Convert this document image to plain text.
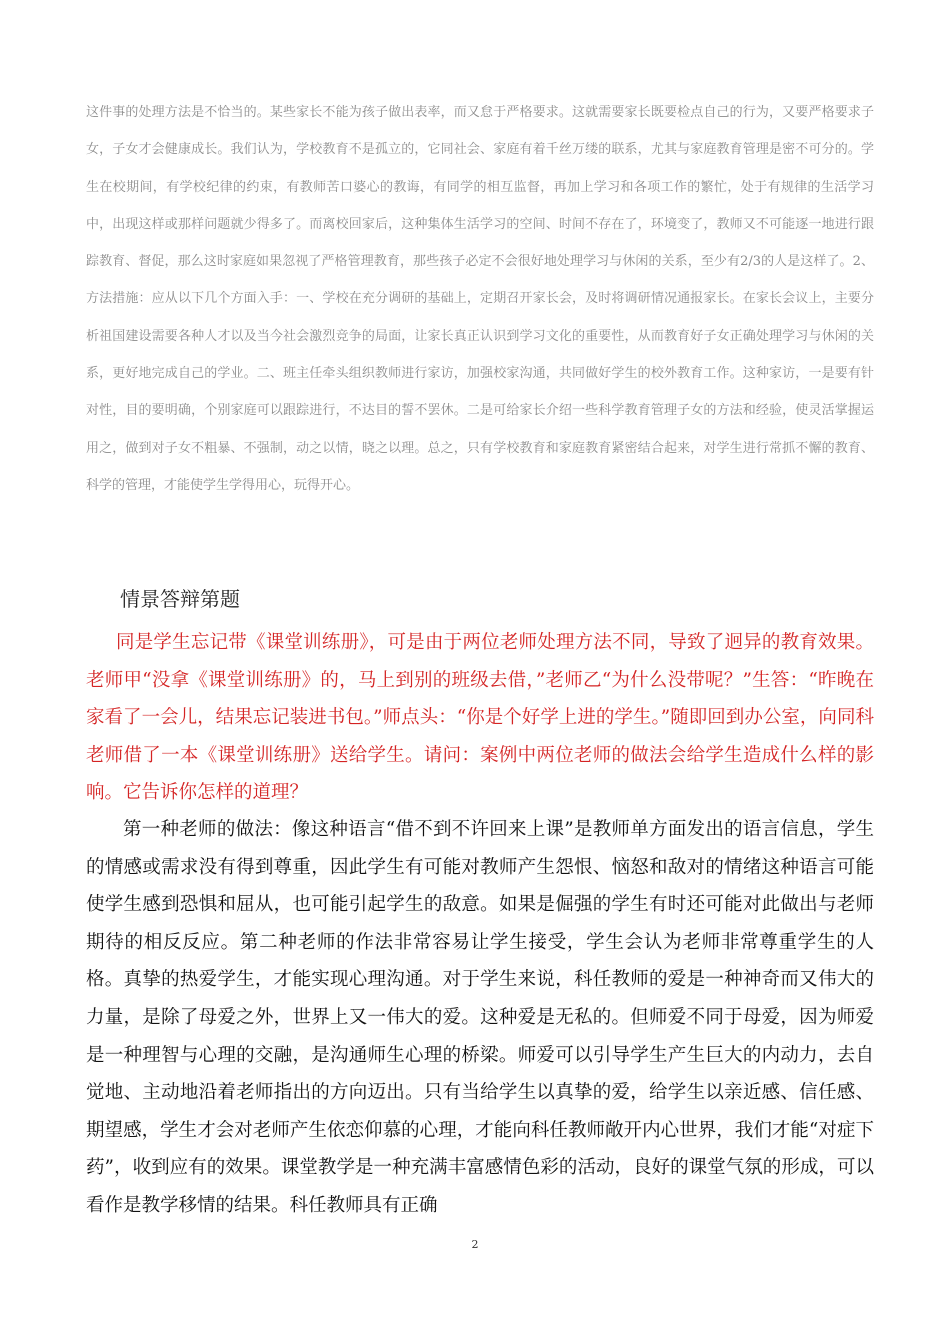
这件事的处理方法是不恰当的。某些家长不能为孩子做出表率，而又怠于严格要求。这就需要家长既要检点自己的行为，又要严格要求子女，子女才会健康成长。我们认为，学校教育不是孤立的，它同社会、家庭有着千丝万缕的联系，尤其与家庭教育管理是密不可分的。学生在校期间，有学校纪律的约束，有教师苦口婆心的教诲，有同学的相互监督，再加上学习和各项工作的繁忙，处于有规律的生活学习中，出现这样或那样问题就少得多了。而离校回家后，这种集体生活学习的空间、时间不存在了，环境变了，教师又不可能逐一地进行跟踪教育、督促，那么这时家庭如果忽视了严格管理教育，那些孩子必定不会很好地处理学习与休闲的关系，至少有2/3的人是这样了。2、方法措施：应从以下几个方面入手：一、学校在充分调研的基础上，定期召开家长会，及时将调研情况通报家长。在家长会议上，主要分析祖国建设需要各种人才以及当今社会激烈竞争的局面，让家长真正认识到学习文化的重要性，从而教育好子女正确处理学习与休闲的关系，更好地完成自己的学业。二、班主任牵头组织教师进行家访，加强校家沟通，共同做好学生的校外教育工作。这种家访，一是要有针对性，目的要明确，个别家庭可以跟踪进行，不达目的誓不罢休。二是可给家长介绍一些科学教育管理子女的方法和经验，使灵活掌握运用之，做到对子女不粗暴、不强制，动之以情，晓之以理。总之，只有学校教育和家庭教育紧密结合起来，对学生进行常抓不懈的教育、科学的管理，才能使学生学得用心，玩得开心。

情景答辩第题

同是学生忘记带《课堂训练册》，可是由于两位老师处理方法不同，导致了迥异的教育效果。老师甲“没拿《课堂训练册》的，马上到别的班级去借，”老师乙“为什么没带呢？”生答：“昨晚在家看了一会儿，结果忘记装进书包。”师点头：“你是个好学上进的学生。”随即回到办公室，向同科老师借了一本《课堂训练册》送给学生。请问：案例中两位老师的做法会给学生造成什么样的影响。它告诉你怎样的道理？

第一种老师的做法：像这种语言“借不到不许回来上课”是教师单方面发出的语言信息，学生的情感或需求没有得到尊重，因此学生有可能对教师产生怨恨、恼怒和敌对的情绪这种语言可能使学生感到恐惧和屈从，也可能引起学生的敌意。如果是倔强的学生有时还可能对此做出与老师期待的相反反应。第二种老师的作法非常容易让学生接受，学生会认为老师非常尊重学生的人格。真挚的热爱学生，才能实现心理沟通。对于学生来说，科任教师的爱是一种神奇而又伟大的力量，是除了母爱之外，世界上又一伟大的爱。这种爱是无私的。但师爱不同于母爱，因为师爱是一种理智与心理的交融，是沟通师生心理的桥梁。师爱可以引导学生产生巨大的内动力，去自觉地、主动地沿着老师指出的方向迈出。只有当给学生以真挚的爱，给学生以亲近感、信任感、期望感，学生才会对老师产生依恋仰慕的心理，才能向科任教师敞开内心世界，我们才能“对症下药”，收到应有的效果。课堂教学是一种充满丰富感情色彩的活动，良好的课堂气氛的形成，可以看作是教学移情的结果。科任教师具有正确

2
